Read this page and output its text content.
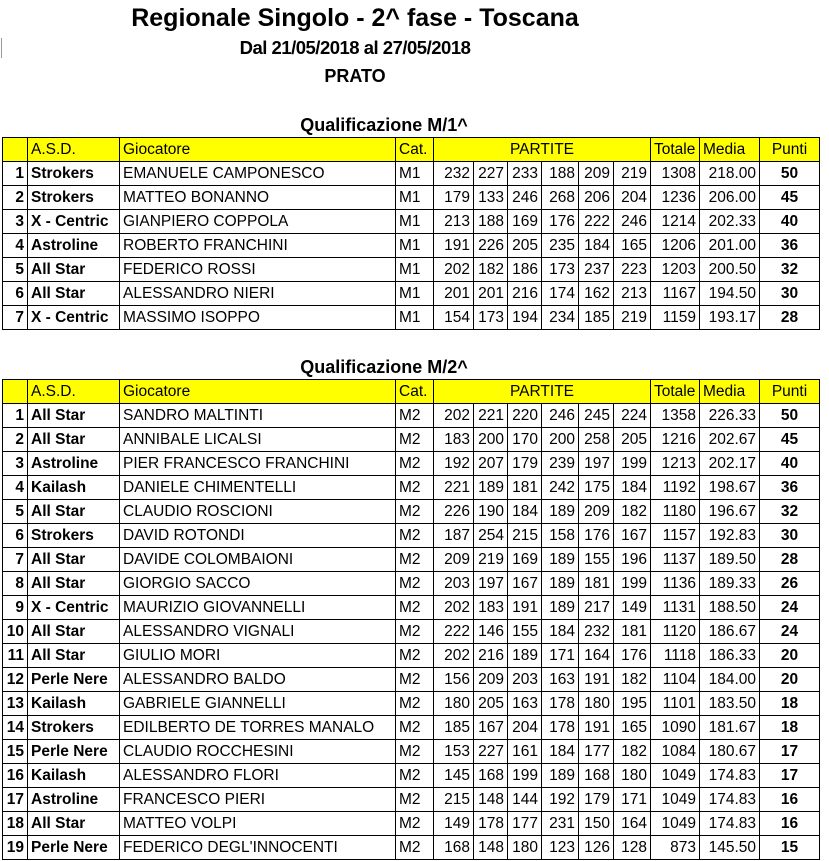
Regionale Singolo - 2^ fase - Toscana
Dal 21/05/2018 al 27/05/2018
PRATO
Qualificazione M/1^
	A.S.D.	Giocatore	Cat.	PARTITE						Totale	Media	Punti
1	Strokers	EMANUELE CAMPONESCO	M1	232	227	233	188	209	219	1308	218.00	50
2	Strokers	MATTEO BONANNO	M1	179	133	246	268	206	204	1236	206.00	45
3	X - Centric	GIANPIERO COPPOLA	M1	213	188	169	176	222	246	1214	202.33	40
4	Astroline	ROBERTO FRANCHINI	M1	191	226	205	235	184	165	1206	201.00	36
5	All Star	FEDERICO ROSSI	M1	202	182	186	173	237	223	1203	200.50	32
6	All Star	ALESSANDRO NIERI	M1	201	201	216	174	162	213	1167	194.50	30
7	X - Centric	MASSIMO ISOPPO	M1	154	173	194	234	185	219	1159	193.17	28
Qualificazione M/2^
	A.S.D.	Giocatore	Cat.	PARTITE						Totale	Media	Punti
1	All Star	SANDRO MALTINTI	M2	202	221	220	246	245	224	1358	226.33	50
2	All Star	ANNIBALE LICALSI	M2	183	200	170	200	258	205	1216	202.67	45
3	Astroline	PIER FRANCESCO FRANCHINI	M2	192	207	179	239	197	199	1213	202.17	40
4	Kailash	DANIELE CHIMENTELLI	M2	221	189	181	242	175	184	1192	198.67	36
5	All Star	CLAUDIO ROSCIONI	M2	226	190	184	189	209	182	1180	196.67	32
6	Strokers	DAVID ROTONDI	M2	187	254	215	158	176	167	1157	192.83	30
7	All Star	DAVIDE COLOMBAIONI	M2	209	219	169	189	155	196	1137	189.50	28
8	All Star	GIORGIO SACCO	M2	203	197	167	189	181	199	1136	189.33	26
9	X - Centric	MAURIZIO GIOVANNELLI	M2	202	183	191	189	217	149	1131	188.50	24
10	All Star	ALESSANDRO VIGNALI	M2	222	146	155	184	232	181	1120	186.67	24
11	All Star	GIULIO MORI	M2	202	216	189	171	164	176	1118	186.33	20
12	Perle Nere	ALESSANDRO BALDO	M2	156	209	203	163	191	182	1104	184.00	20
13	Kailash	GABRIELE GIANNELLI	M2	180	205	163	178	180	195	1101	183.50	18
14	Strokers	EDILBERTO DE TORRES MANALO	M2	185	167	204	178	191	165	1090	181.67	18
15	Perle Nere	CLAUDIO ROCCHESINI	M2	153	227	161	184	177	182	1084	180.67	17
16	Kailash	ALESSANDRO FLORI	M2	145	168	199	189	168	180	1049	174.83	17
17	Astroline	FRANCESCO PIERI	M2	215	148	144	192	179	171	1049	174.83	16
18	All Star	MATTEO VOLPI	M2	149	178	177	231	150	164	1049	174.83	16
19	Perle Nere	FEDERICO DEGL'INNOCENTI	M2	168	148	180	123	126	128	873	145.50	15
